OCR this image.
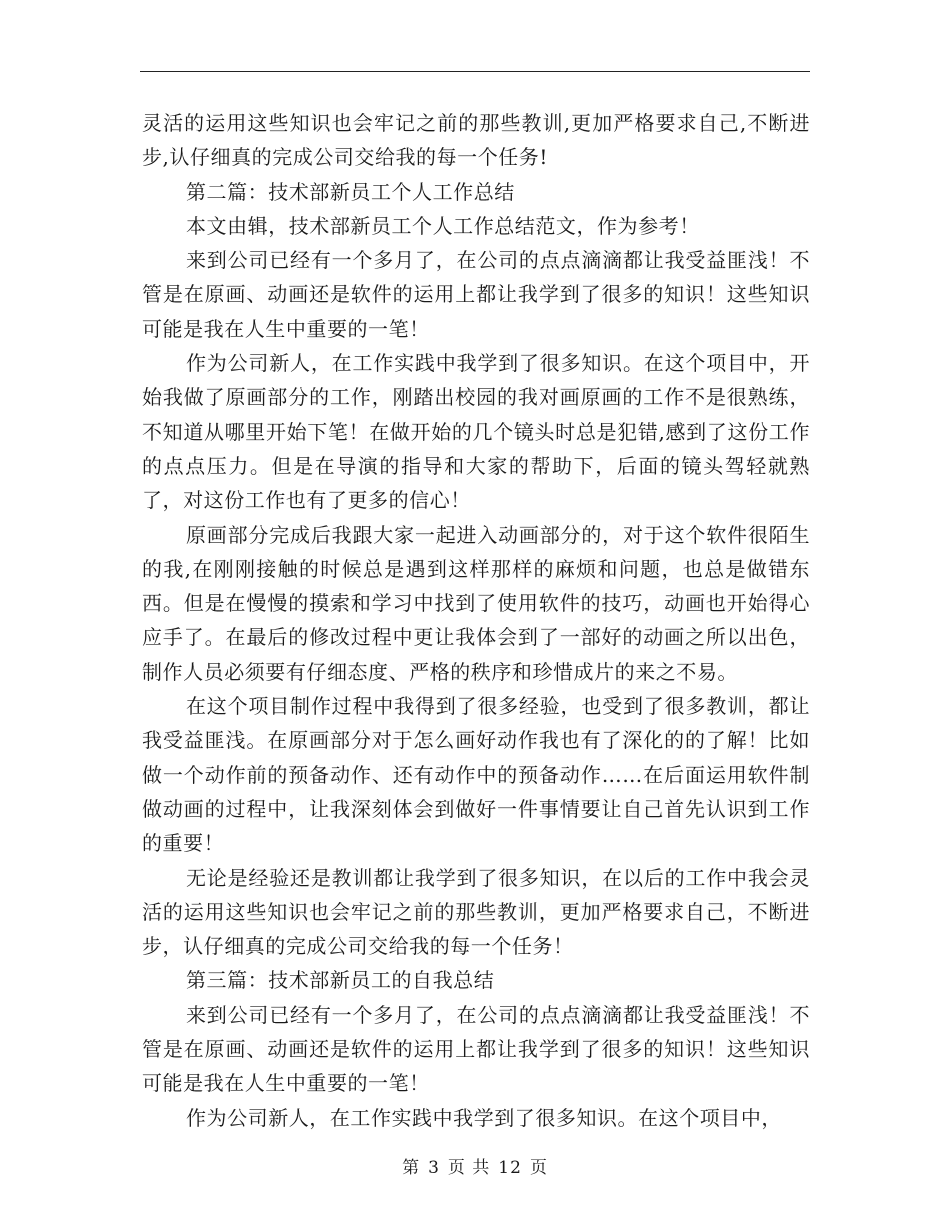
灵活的运用这些知识也会牢记之前的那些教训,更加严格要求自己,不断进步,认仔细真的完成公司交给我的每一个任务!

第二篇：技术部新员工个人工作总结

本文由辑，技术部新员工个人工作总结范文，作为参考！

来到公司已经有一个多月了，在公司的点点滴滴都让我受益匪浅！不管是在原画、动画还是软件的运用上都让我学到了很多的知识！这些知识可能是我在人生中重要的一笔！

作为公司新人，在工作实践中我学到了很多知识。在这个项目中，开始我做了原画部分的工作，刚踏出校园的我对画原画的工作不是很熟练，不知道从哪里开始下笔！在做开始的几个镜头时总是犯错,感到了这份工作的点点压力。但是在导演的指导和大家的帮助下，后面的镜头驾轻就熟了，对这份工作也有了更多的信心！

原画部分完成后我跟大家一起进入动画部分的，对于这个软件很陌生的我,在刚刚接触的时候总是遇到这样那样的麻烦和问题，也总是做错东西。但是在慢慢的摸索和学习中找到了使用软件的技巧，动画也开始得心应手了。在最后的修改过程中更让我体会到了一部好的动画之所以出色，制作人员必须要有仔细态度、严格的秩序和珍惜成片的来之不易。

在这个项目制作过程中我得到了很多经验，也受到了很多教训，都让我受益匪浅。在原画部分对于怎么画好动作我也有了深化的的了解！比如做一个动作前的预备动作、还有动作中的预备动作……在后面运用软件制做动画的过程中，让我深刻体会到做好一件事情要让自己首先认识到工作的重要！

无论是经验还是教训都让我学到了很多知识，在以后的工作中我会灵活的运用这些知识也会牢记之前的那些教训，更加严格要求自己，不断进步，认仔细真的完成公司交给我的每一个任务！

第三篇：技术部新员工的自我总结

来到公司已经有一个多月了，在公司的点点滴滴都让我受益匪浅！不管是在原画、动画还是软件的运用上都让我学到了很多的知识！这些知识可能是我在人生中重要的一笔！

作为公司新人，在工作实践中我学到了很多知识。在这个项目中，

第 3 页 共 12 页
